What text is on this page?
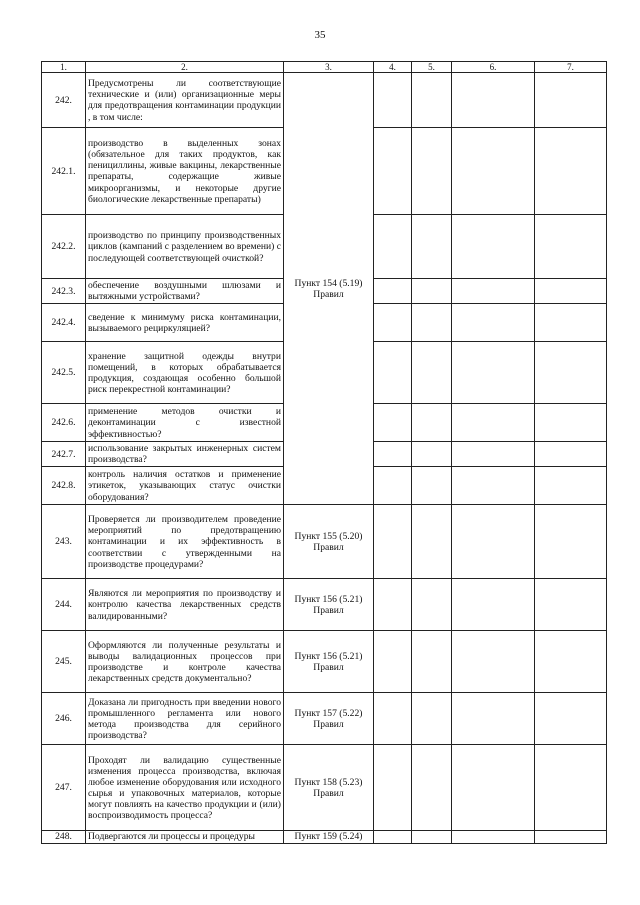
35
1.	2.	3.	4.	5.	6.	7.
242.	Предусмотрены ли соответствующие технические и (или) организационные меры для предотвращения контаминации продукции , в том числе:	Пункт 154 (5.19) Правил				
242.1.	производство в выделенных зонах (обязательное для таких продуктов, как пенициллины, живые вакцины, лекарственные препараты, содержащие живые микроорганизмы, и некоторые другие биологические лекарственные препараты)					
242.2.	производство по принципу производственных циклов (кампаний с разделением во времени) с последующей соответствующей очисткой?					
242.3.	обеспечение воздушными шлюзами и вытяжными устройствами?					
242.4.	сведение к минимуму риска контаминации, вызываемого рециркуляцией?					
242.5.	хранение защитной одежды внутри помещений, в которых обрабатывается продукция, создающая особенно большой риск перекрестной контаминации?					
242.6.	применение методов очистки и деконтаминации с известной эффективностью?					
242.7.	использование закрытых инженерных систем производства?					
242.8.	контроль наличия остатков и применение этикеток, указывающих статус очистки оборудования?					
243.	Проверяется ли производителем проведение мероприятий по предотвращению контаминации и их эффективность в соответствии с утвержденными на производстве процедурами?	Пункт 155 (5.20) Правил				
244.	Являются ли мероприятия по производству и контролю качества лекарственных средств валидированными?	Пункт 156 (5.21) Правил				
245.	Оформляются ли полученные результаты и выводы валидационных процессов при производстве и контроле качества лекарственных средств документально?	Пункт 156 (5.21) Правил				
246.	Доказана ли пригодность при введении нового промышленного регламента или нового метода производства для серийного производства?	Пункт 157 (5.22) Правил				
247.	Проходят ли валидацию существенные изменения процесса производства, включая любое изменение оборудования или исходного сырья и упаковочных материалов, которые могут повлиять на качество продукции и (или) воспроизводимость процесса?	Пункт 158 (5.23) Правил				
248.	Подвергаются ли процессы и процедуры	Пункт 159 (5.24)				
